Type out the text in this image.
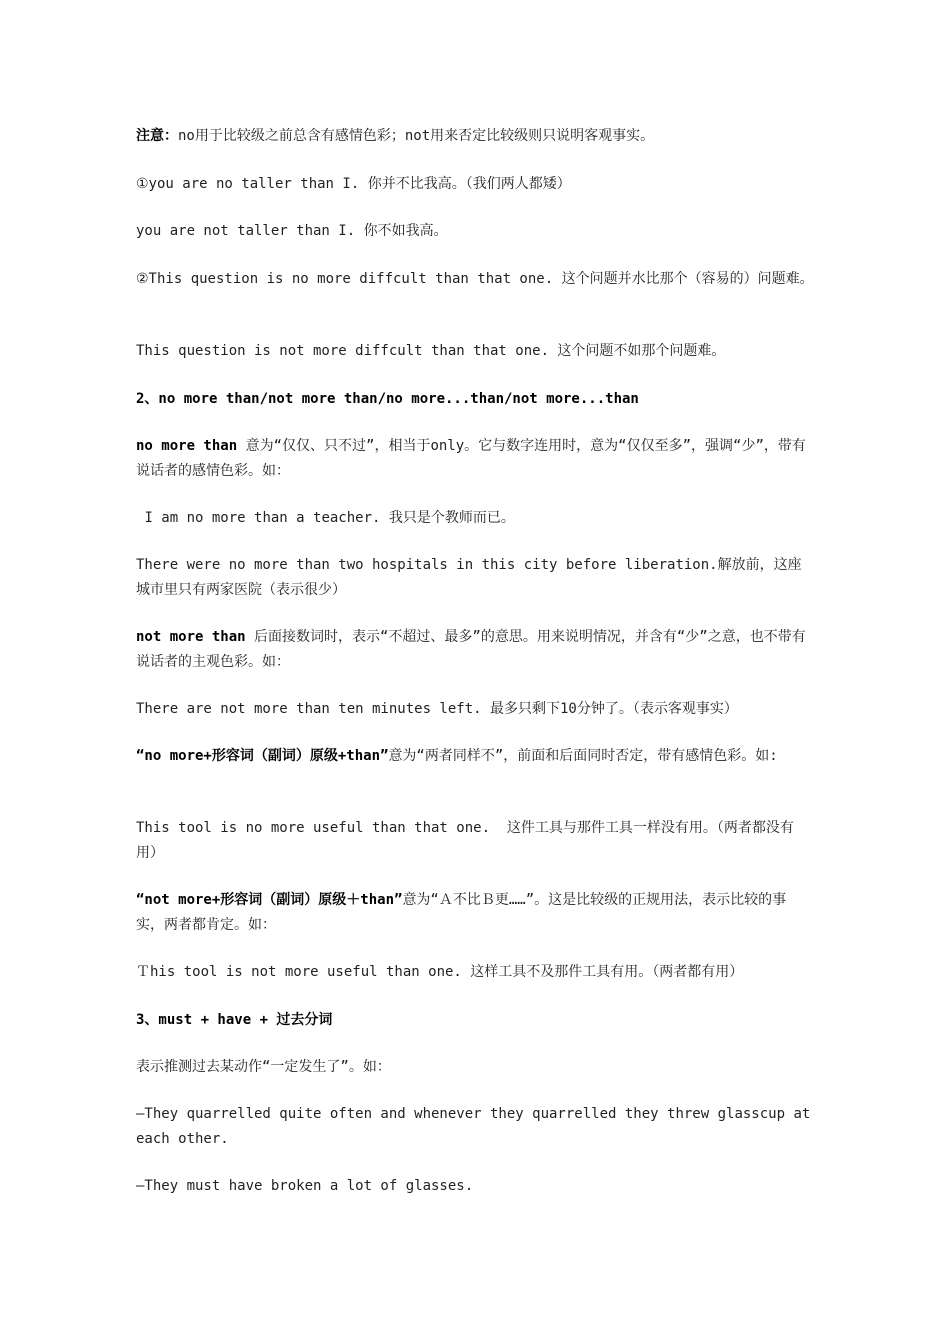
注意：no用于比较级之前总含有感情色彩；not用来否定比较级则只说明客观事实。

①you are no taller than I. 你并不比我高。（我们两人都矮）

you are not taller than I. 你不如我高。

②This question is no more diffcult than that one. 这个问题并水比那个（容易的）问题难。

This question is not more diffcult than that one. 这个问题不如那个问题难。

2、no more than/not more than/no more...than/not more...than

no more than 意为“仅仅、只不过”，相当于only。它与数字连用时，意为“仅仅至多”，强调“少”，带有说话者的感情色彩。如：

I am no more than a teacher. 我只是个教师而已。

There were no more than two hospitals in this city before liberation.解放前，这座城市里只有两家医院（表示很少）

not more than 后面接数词时，表示“不超过、最多”的意思。用来说明情况，并含有“少”之意，也不带有说话者的主观色彩。如：

There are not more than ten minutes left. 最多只剩下10分钟了。（表示客观事实）

“no more+形容词（副词）原级+than”意为“两者同样不”，前面和后面同时否定，带有感情色彩。如:

This tool is no more useful than that one.  这件工具与那件工具一样没有用。（两者都没有用）

“not more+形容词（副词）原级＋than”意为“Ａ不比Ｂ更……”。这是比较级的正规用法，表示比较的事实，两者都肯定。如：

Ｔhis tool is not more useful than one. 这样工具不及那件工具有用。（两者都有用）

3、must + have + 过去分词

表示推测过去某动作“一定发生了”。如：

—They quarrelled quite often and whenever they quarrelled they threw glasscup at each other.

—They must have broken a lot of glasses.
